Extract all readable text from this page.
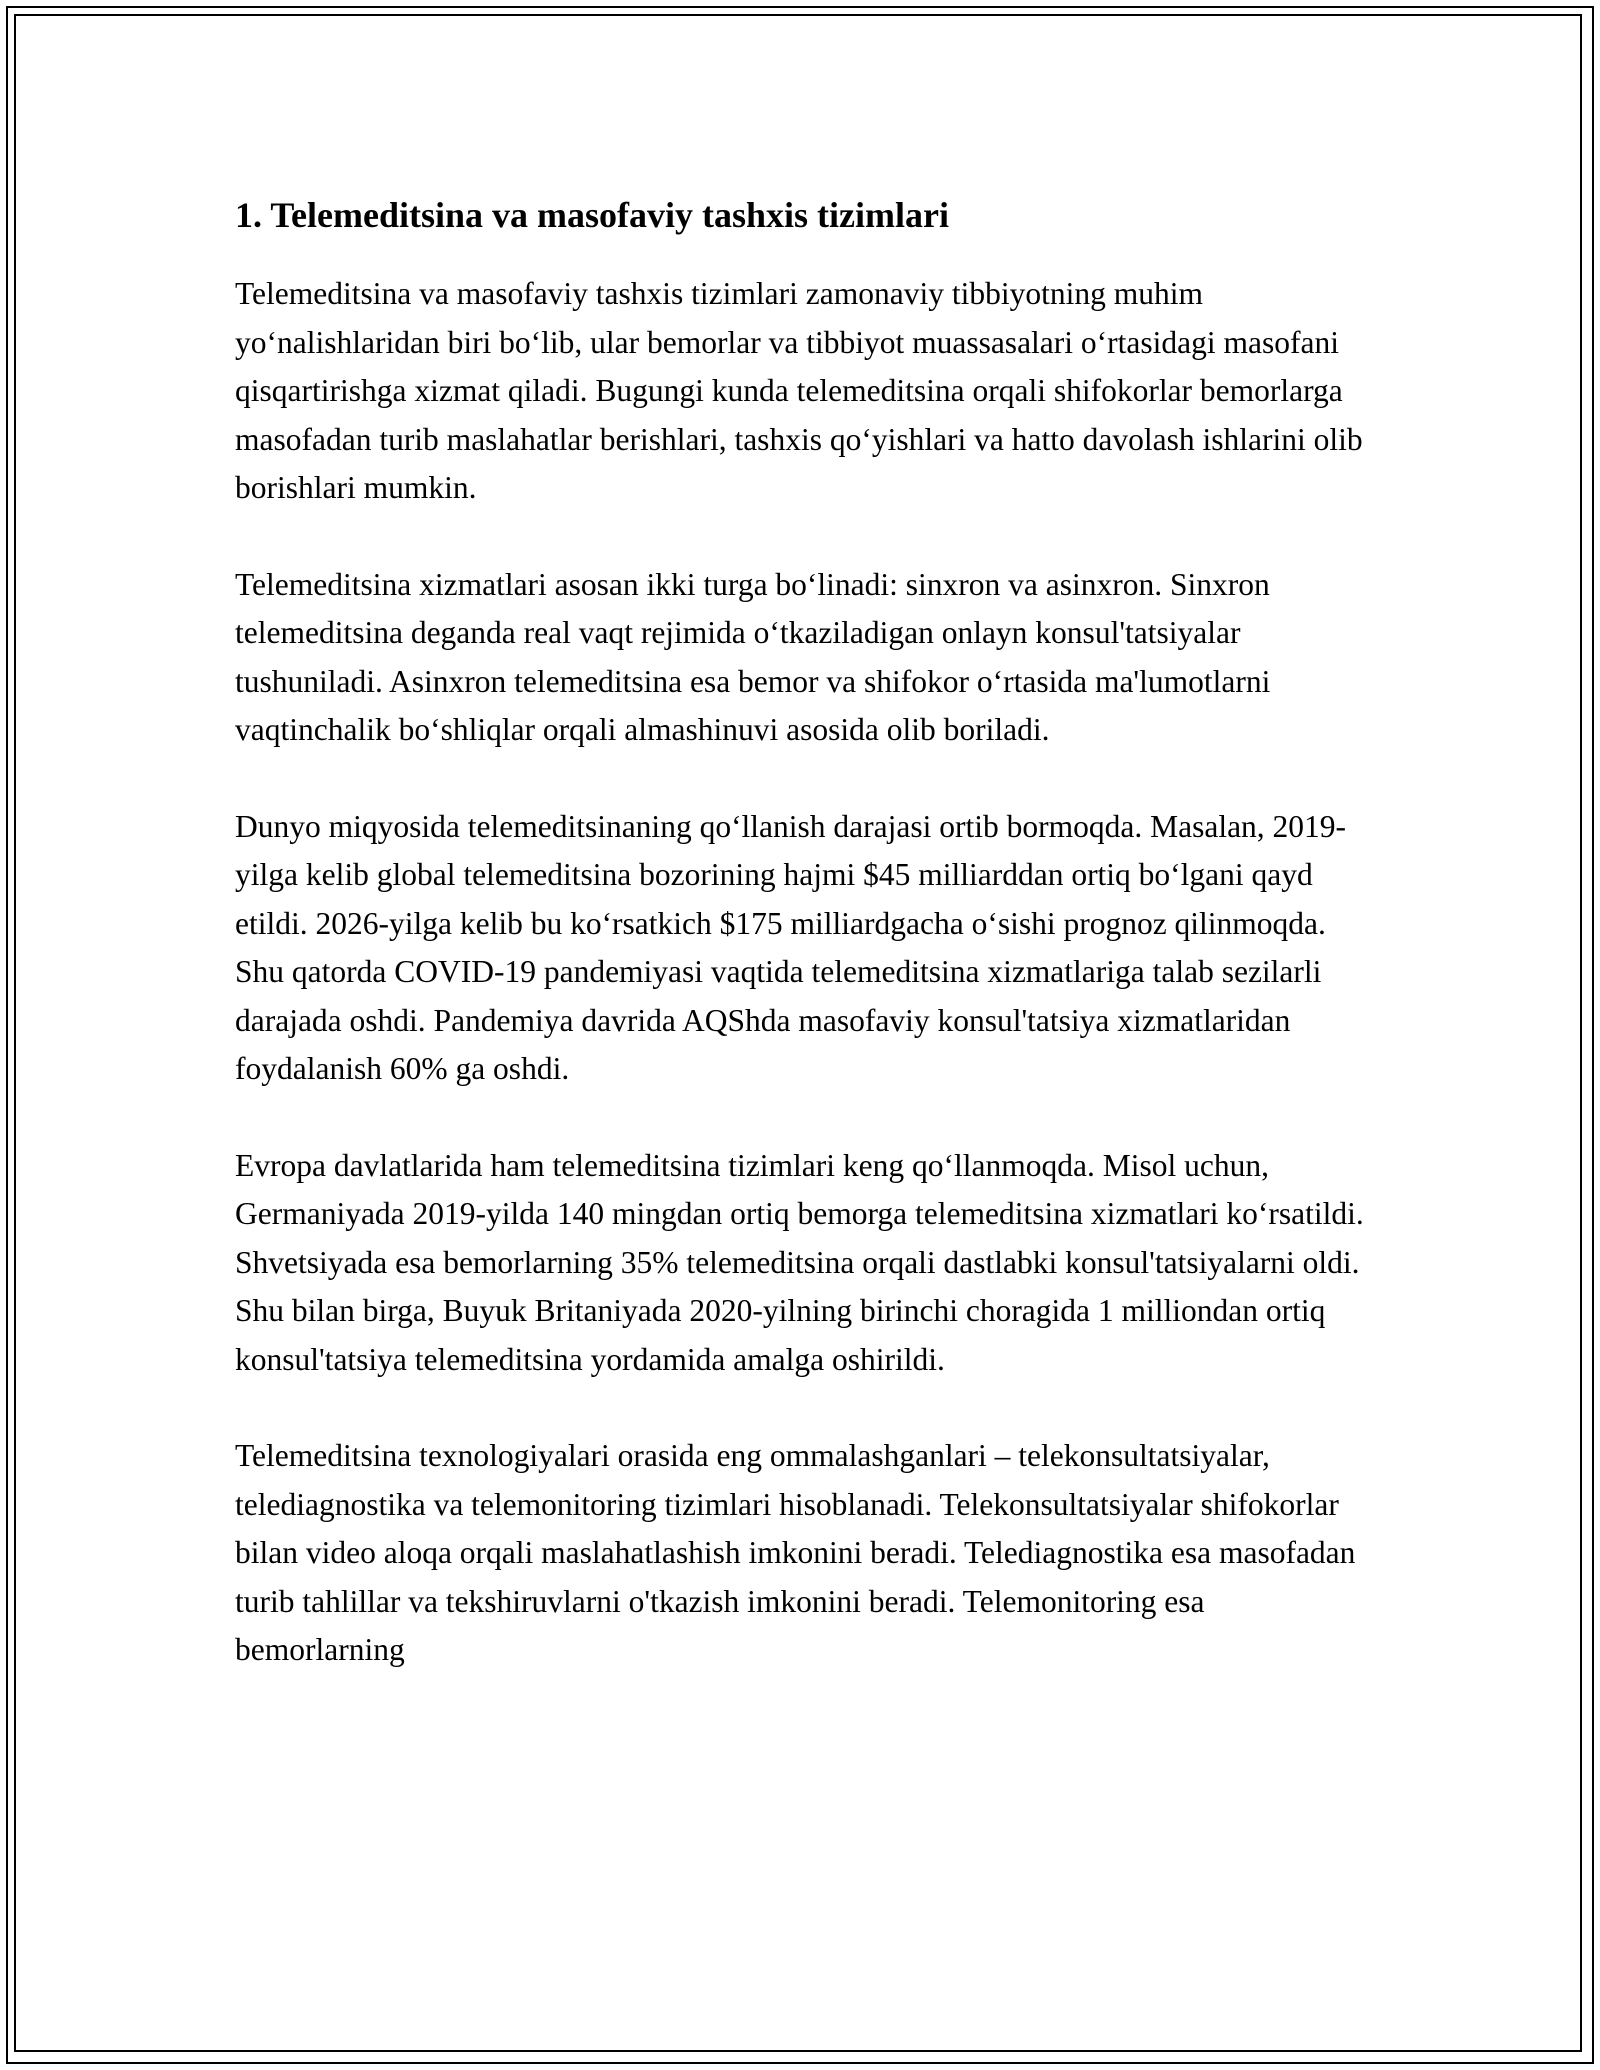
1. Telemeditsina va masofaviy tashxis tizimlari

Telemeditsina va masofaviy tashxis tizimlari zamonaviy tibbiyotning muhim yoʻnalishlaridan biri boʻlib, ular bemorlar va tibbiyot muassasalari oʻrtasidagi masofani qisqartirishga xizmat qiladi. Bugungi kunda telemeditsina orqali shifokorlar bemorlarga masofadan turib maslahatlar berishlari, tashxis qoʻyishlari va hatto davolash ishlarini olib borishlari mumkin.

Telemeditsina xizmatlari asosan ikki turga boʻlinadi: sinxron va asinxron. Sinxron telemeditsina deganda real vaqt rejimida oʻtkaziladigan onlayn konsul'tatsiyalar tushuniladi. Asinxron telemeditsina esa bemor va shifokor oʻrtasida ma'lumotlarni vaqtinchalik boʻshliqlar orqali almashinuvi asosida olib boriladi.

Dunyo miqyosida telemeditsinaning qoʻllanish darajasi ortib bormoqda. Masalan, 2019-yilga kelib global telemeditsina bozorining hajmi $45 milliarddan ortiq boʻlgani qayd etildi. 2026-yilga kelib bu koʻrsatkich $175 milliardgacha oʻsishi prognoz qilinmoqda. Shu qatorda COVID-19 pandemiyasi vaqtida telemeditsina xizmatlariga talab sezilarli darajada oshdi. Pandemiya davrida AQShda masofaviy konsul'tatsiya xizmatlaridan foydalanish 60% ga oshdi.

Evropa davlatlarida ham telemeditsina tizimlari keng qoʻllanmoqda. Misol uchun, Germaniyada 2019-yilda 140 mingdan ortiq bemorga telemeditsina xizmatlari koʻrsatildi. Shvetsiyada esa bemorlarning 35% telemeditsina orqali dastlabki konsul'tatsiyalarni oldi. Shu bilan birga, Buyuk Britaniyada 2020-yilning birinchi choragida 1 milliondan ortiq konsul'tatsiya telemeditsina yordamida amalga oshirildi.

Telemeditsina texnologiyalari orasida eng ommalashganlari – telekonsultatsiyalar, telediagnostika va telemonitoring tizimlari hisoblanadi. Telekonsultatsiyalar shifokorlar bilan video aloqa orqali maslahatlashish imkonini beradi. Telediagnostika esa masofadan turib tahlillar va tekshiruvlarni o'tkazish imkonini beradi. Telemonitoring esa bemorlarning
